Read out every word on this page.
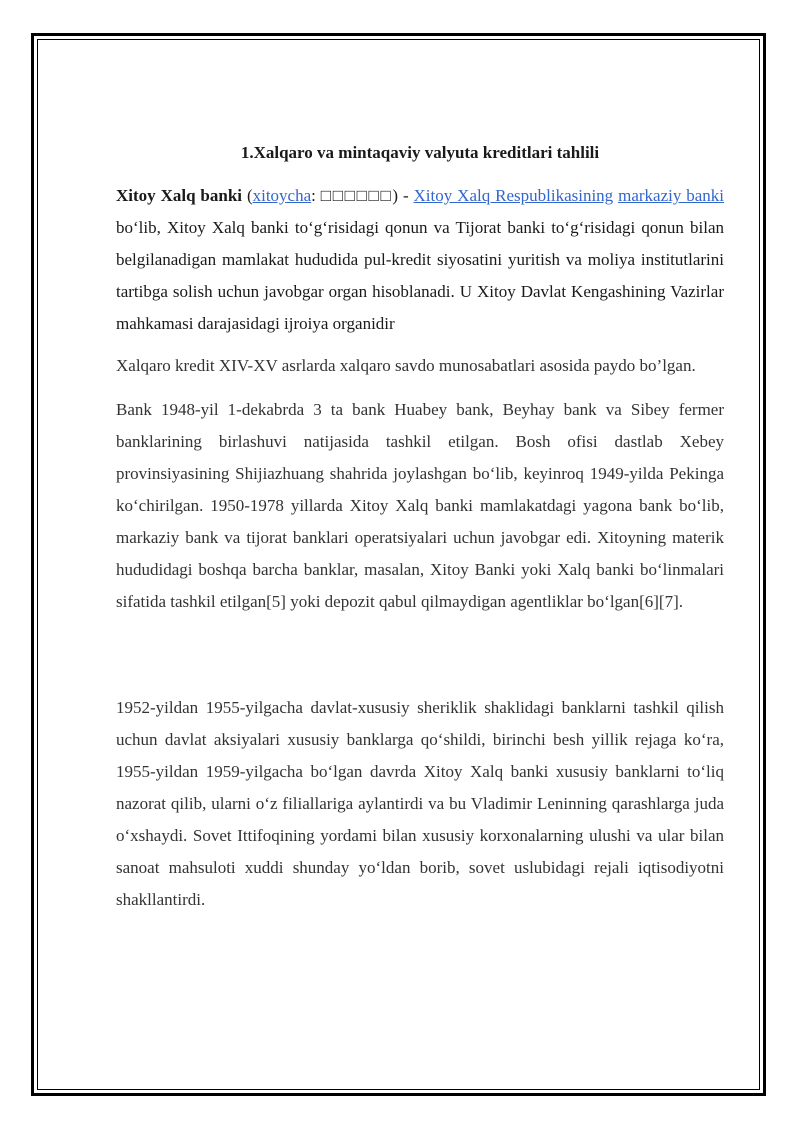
1.Xalqaro va mintaqaviy valyuta kreditlari tahlili

Xitoy Xalq banki (xitoycha: □□□□□□) - Xitoy Xalq Respublikasining markaziy banki bo‘lib, Xitoy Xalq banki to‘g‘risidagi qonun va Tijorat banki to‘g‘risidagi qonun bilan belgilanadigan mamlakat hududida pul-kredit siyosatini yuritish va moliya institutlarini tartibga solish uchun javobgar organ hisoblanadi. U Xitoy Davlat Kengashining Vazirlar mahkamasi darajasidagi ijroiya organidir

Xalqaro kredit XIV-XV asrlarda xalqaro savdo munosabatlari asosida paydo bo’lgan.

Bank 1948-yil 1-dekabrda 3 ta bank Huabey bank, Beyhay bank va Sibey fermer banklarining birlashuvi natijasida tashkil etilgan. Bosh ofisi dastlab Xebey provinsiyasining Shijiazhuang shahrida joylashgan bo‘lib, keyinroq 1949-yilda Pekinga ko‘chirilgan. 1950-1978 yillarda Xitoy Xalq banki mamlakatdagi yagona bank bo‘lib, markaziy bank va tijorat banklari operatsiyalari uchun javobgar edi. Xitoyning materik hududidagi boshqa barcha banklar, masalan, Xitoy Banki yoki Xalq banki bo‘linmalari sifatida tashkil etilgan[5] yoki depozit qabul qilmaydigan agentliklar bo‘lgan[6][7].

1952-yildan 1955-yilgacha davlat-xususiy sheriklik shaklidagi banklarni tashkil qilish uchun davlat aksiyalari xususiy banklarga qo‘shildi, birinchi besh yillik rejaga ko‘ra, 1955-yildan 1959-yilgacha bo‘lgan davrda Xitoy Xalq banki xususiy banklarni to‘liq nazorat qilib, ularni o‘z filiallariga aylantirdi va bu Vladimir Leninning qarashlarga juda o‘xshaydi. Sovet Ittifoqining yordami bilan xususiy korxonalarning ulushi va ular bilan sanoat mahsuloti xuddi shunday yo‘ldan borib, sovet uslubidagi rejali iqtisodiyotni shakllantirdi.
